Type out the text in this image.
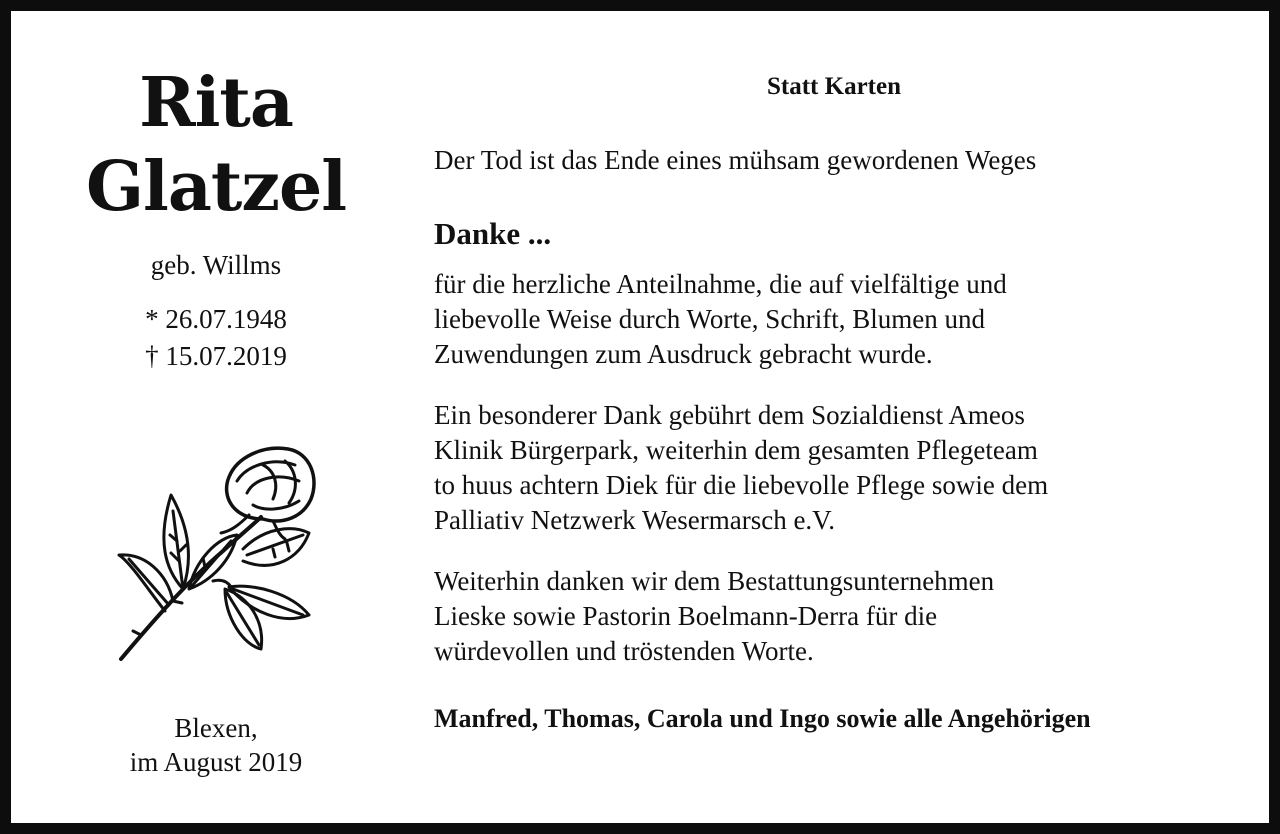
Rita
Glatzel
geb. Willms
* 26.07.1948
† 15.07.2019
Blexen,
im August 2019
Statt Karten
Der Tod ist das Ende eines mühsam gewordenen Weges
Danke ...
für die herzliche Anteilnahme, die auf vielfältige und
liebevolle Weise durch Worte, Schrift, Blumen und
Zuwendungen zum Ausdruck gebracht wurde.
Ein besonderer Dank gebührt dem Sozialdienst Ameos
Klinik Bürgerpark, weiterhin dem gesamten Pflegeteam
to huus achtern Diek für die liebevolle Pflege sowie dem
Palliativ Netzwerk Wesermarsch e.V.
Weiterhin danken wir dem Bestattungsunternehmen
Lieske sowie Pastorin Boelmann-Derra für die
würdevollen und tröstenden Worte.
Manfred, Thomas, Carola und Ingo sowie alle Angehörigen
